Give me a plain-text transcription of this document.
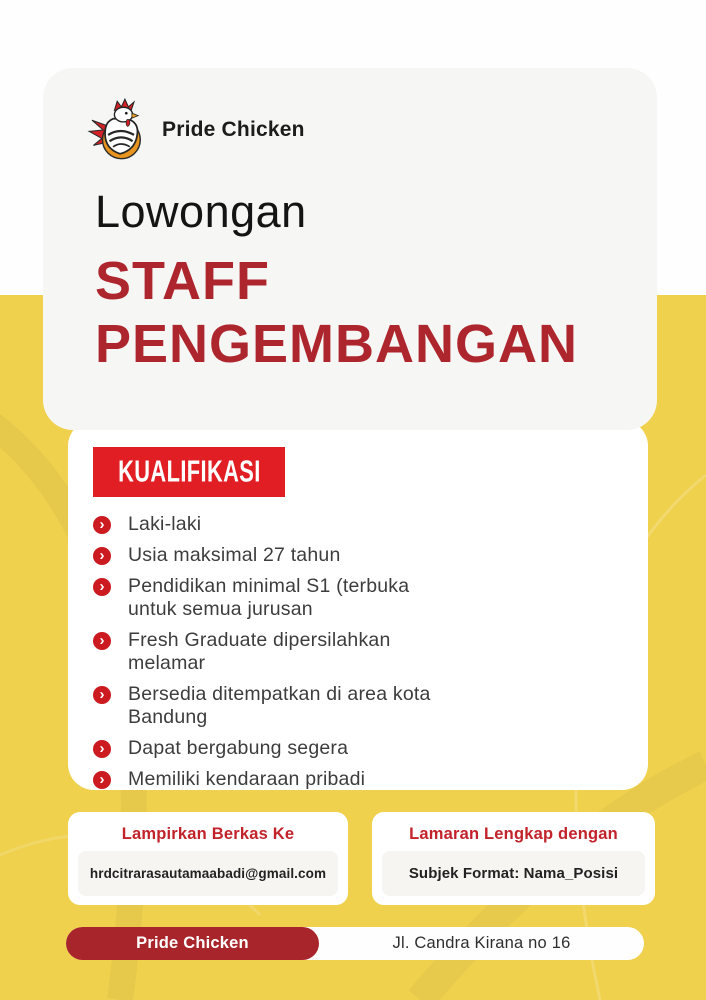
Pride Chicken
Lowongan
STAFF
PENGEMBANGAN
KUALIFIKASI
›	Laki-laki
›	Usia maksimal 27 tahun
›	Pendidikan minimal S1 (terbuka untuk semua jurusan
›	Fresh Graduate dipersilahkan melamar
›	Bersedia ditempatkan di area kota Bandung
›	Dapat bergabung segera
›	Memiliki kendaraan pribadi
Lampirkan Berkas Ke
hrdcitrarasautamaabadi@gmail.com
Lamaran Lengkap dengan
Subjek Format: Nama_Posisi
Pride Chicken	Jl. Candra Kirana no 16
